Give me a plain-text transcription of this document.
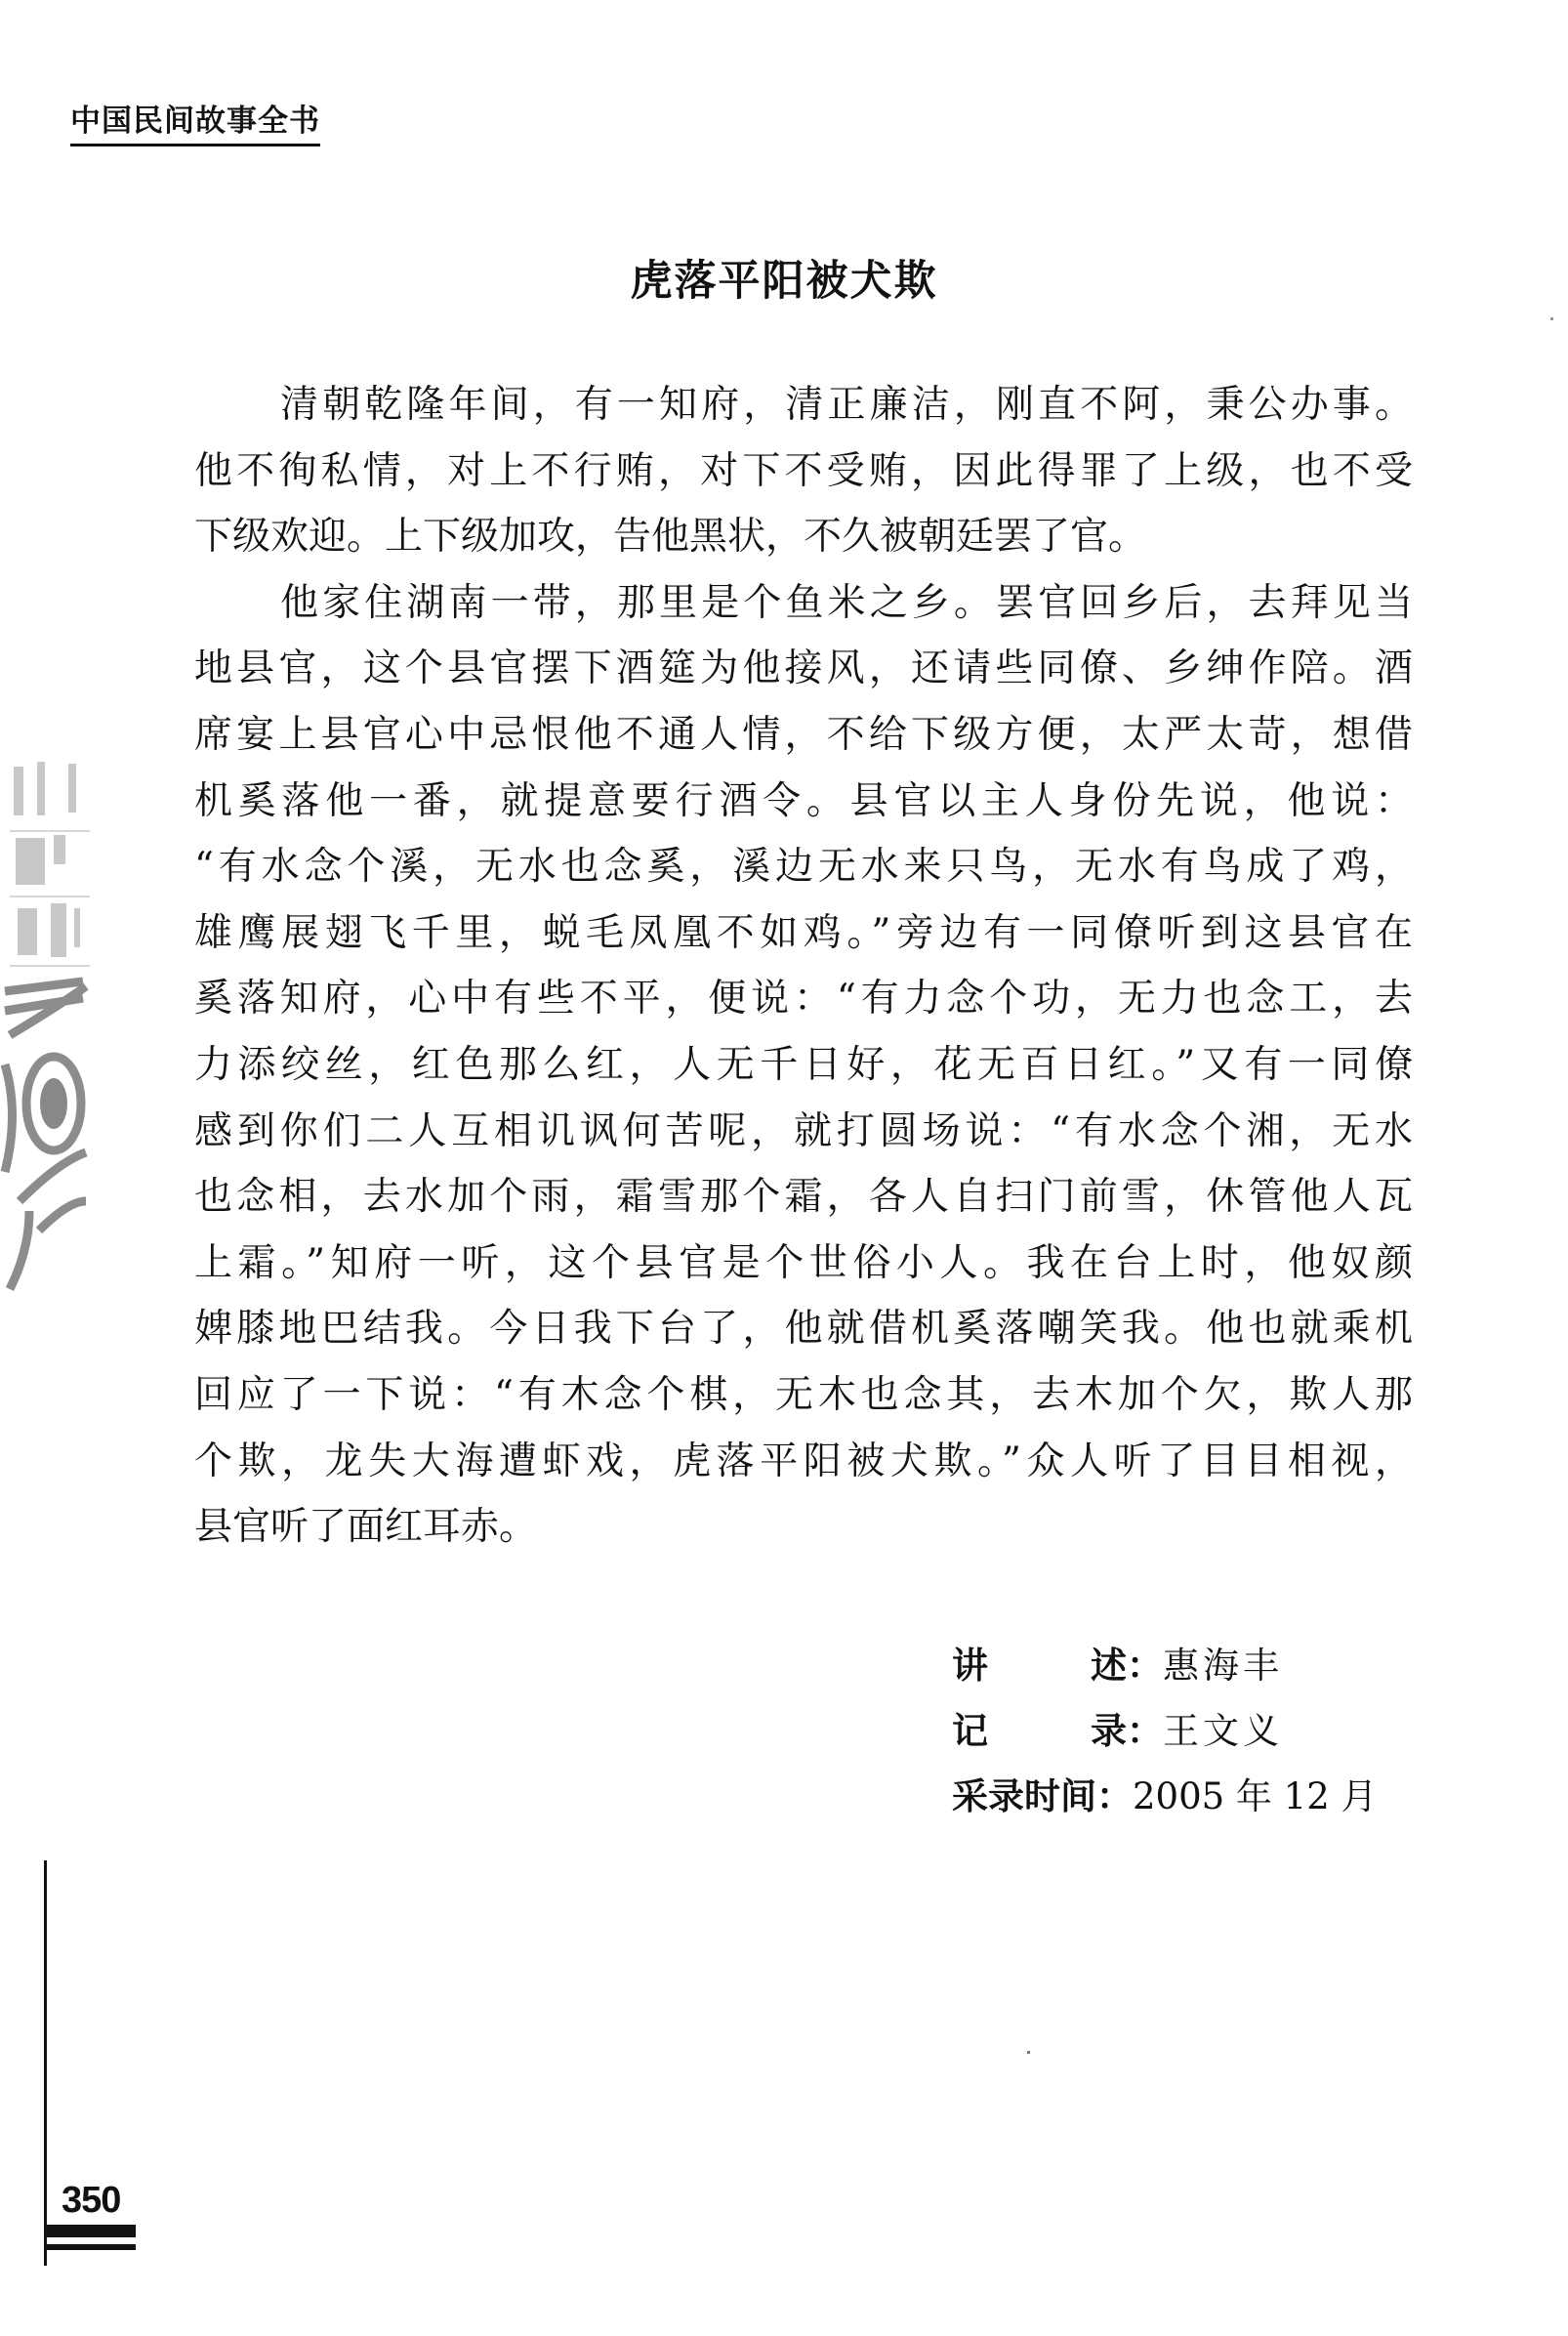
中国民间故事全书
虎落平阳被犬欺
清朝乾隆年间，有一知府，清正廉洁，刚直不阿，秉公办事。
他不徇私情，对上不行贿，对下不受贿，因此得罪了上级，也不受
下级欢迎。上下级加攻，告他黑状，不久被朝廷罢了官。
他家住湖南一带，那里是个鱼米之乡。罢官回乡后，去拜见当
地县官，这个县官摆下酒筵为他接风，还请些同僚、乡绅作陪。酒
席宴上县官心中忌恨他不通人情，不给下级方便，太严太苛，想借
机奚落他一番，就提意要行酒令。县官以主人身份先说，他说：
“有水念个溪，无水也念奚，溪边无水来只鸟，无水有鸟成了鸡，
雄鹰展翅飞千里，蜕毛凤凰不如鸡。”旁边有一同僚听到这县官在
奚落知府，心中有些不平，便说：“有力念个功，无力也念工，去
力添绞丝，红色那么红，人无千日好，花无百日红。”又有一同僚
感到你们二人互相讥讽何苦呢，就打圆场说：“有水念个湘，无水
也念相，去水加个雨，霜雪那个霜，各人自扫门前雪，休管他人瓦
上霜。”知府一听，这个县官是个世俗小人。我在台上时，他奴颜
婢膝地巴结我。今日我下台了，他就借机奚落嘲笑我。他也就乘机
回应了一下说：“有木念个棋，无木也念其，去木加个欠，欺人那
个欺，龙失大海遭虾戏，虎落平阳被犬欺。”众人听了目目相视，
县官听了面红耳赤。
讲	述： 惠海丰
记	录： 王文义
采录时间：2005 年 12 月
350
